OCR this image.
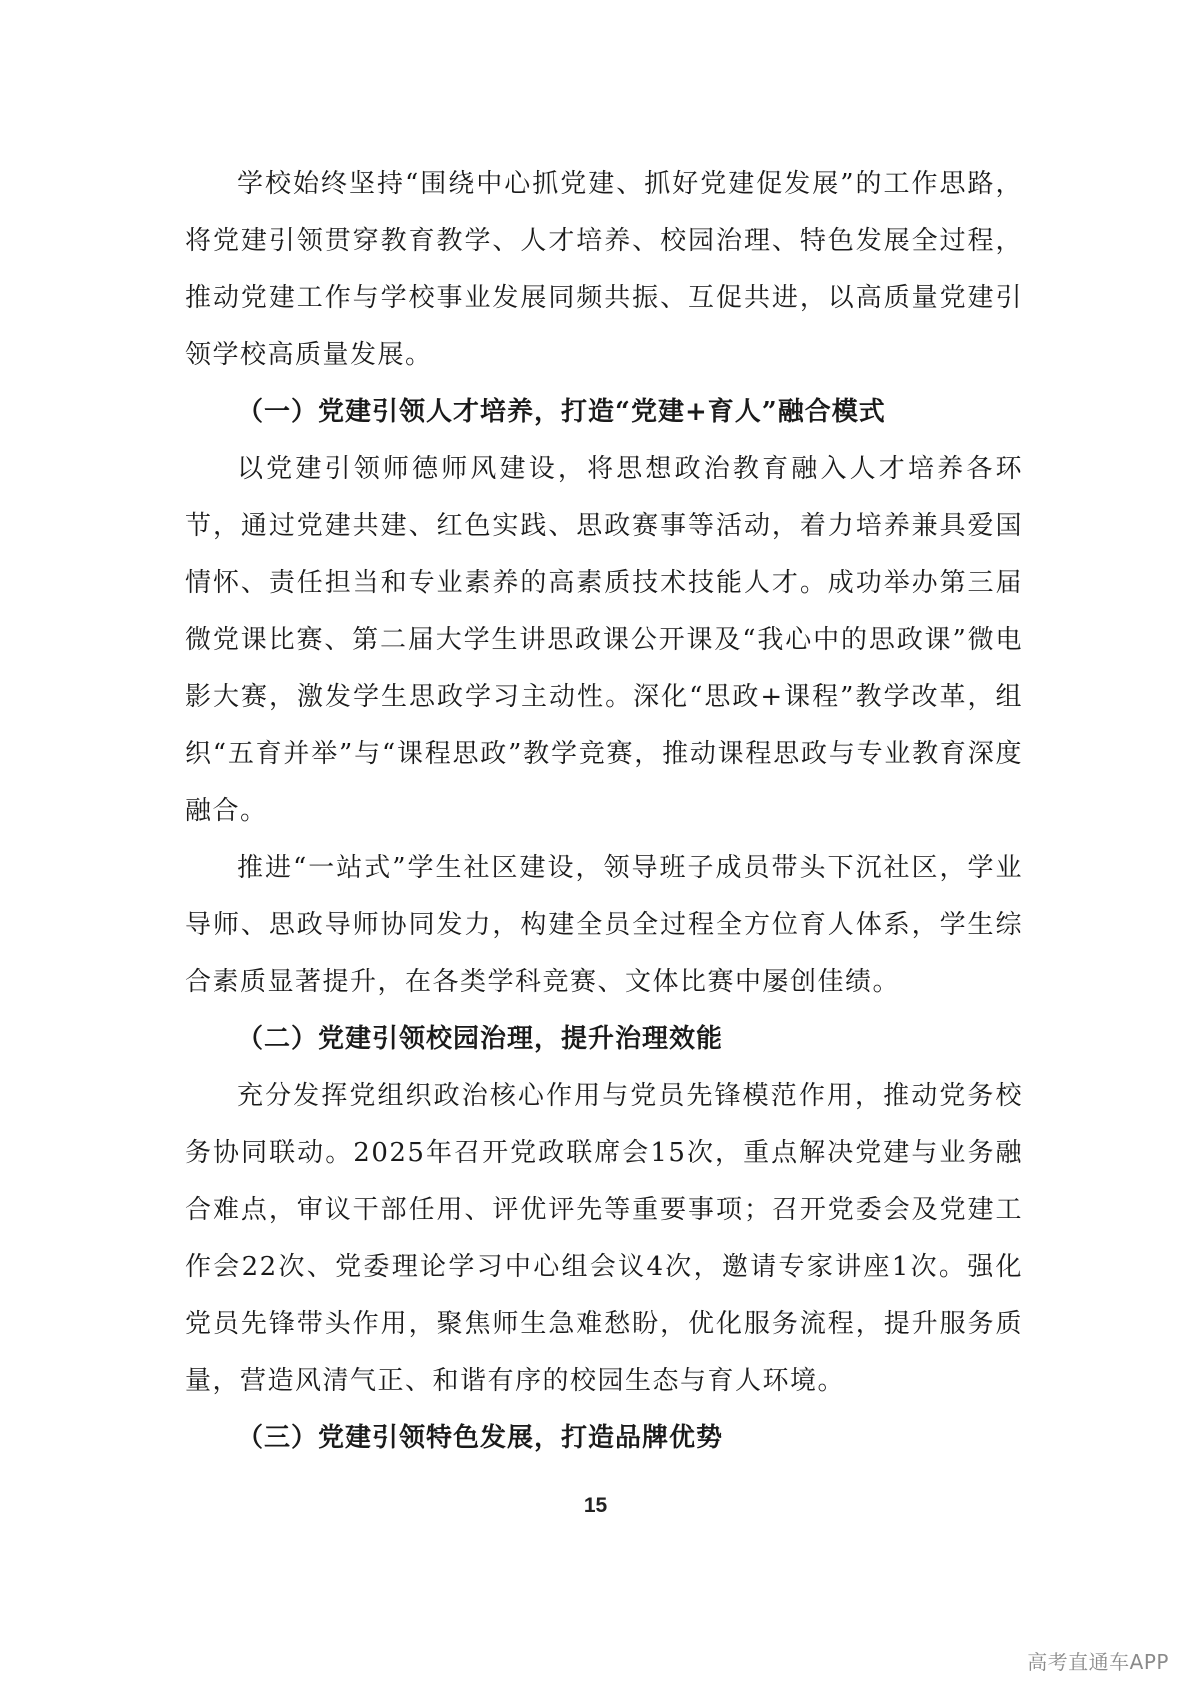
学校始终坚持“围绕中心抓党建、抓好党建促发展”的工作思路，将党建引领贯穿教育教学、人才培养、校园治理、特色发展全过程，推动党建工作与学校事业发展同频共振、互促共进，以高质量党建引领学校高质量发展。

（一）党建引领人才培养，打造“党建+育人”融合模式

以党建引领师德师风建设，将思想政治教育融入人才培养各环节，通过党建共建、红色实践、思政赛事等活动，着力培养兼具爱国情怀、责任担当和专业素养的高素质技术技能人才。成功举办第三届微党课比赛、第二届大学生讲思政课公开课及“我心中的思政课”微电影大赛，激发学生思政学习主动性。深化“思政+课程”教学改革，组织“五育并举”与“课程思政”教学竞赛，推动课程思政与专业教育深度融合。

推进“一站式”学生社区建设，领导班子成员带头下沉社区，学业导师、思政导师协同发力，构建全员全过程全方位育人体系，学生综合素质显著提升，在各类学科竞赛、文体比赛中屡创佳绩。

（二）党建引领校园治理，提升治理效能

充分发挥党组织政治核心作用与党员先锋模范作用，推动党务校务协同联动。2025年召开党政联席会15次，重点解决党建与业务融合难点，审议干部任用、评优评先等重要事项；召开党委会及党建工作会22次、党委理论学习中心组会议4次，邀请专家讲座1次。强化党员先锋带头作用，聚焦师生急难愁盼，优化服务流程，提升服务质量，营造风清气正、和谐有序的校园生态与育人环境。

（三）党建引领特色发展，打造品牌优势

15
高考直通车APP
